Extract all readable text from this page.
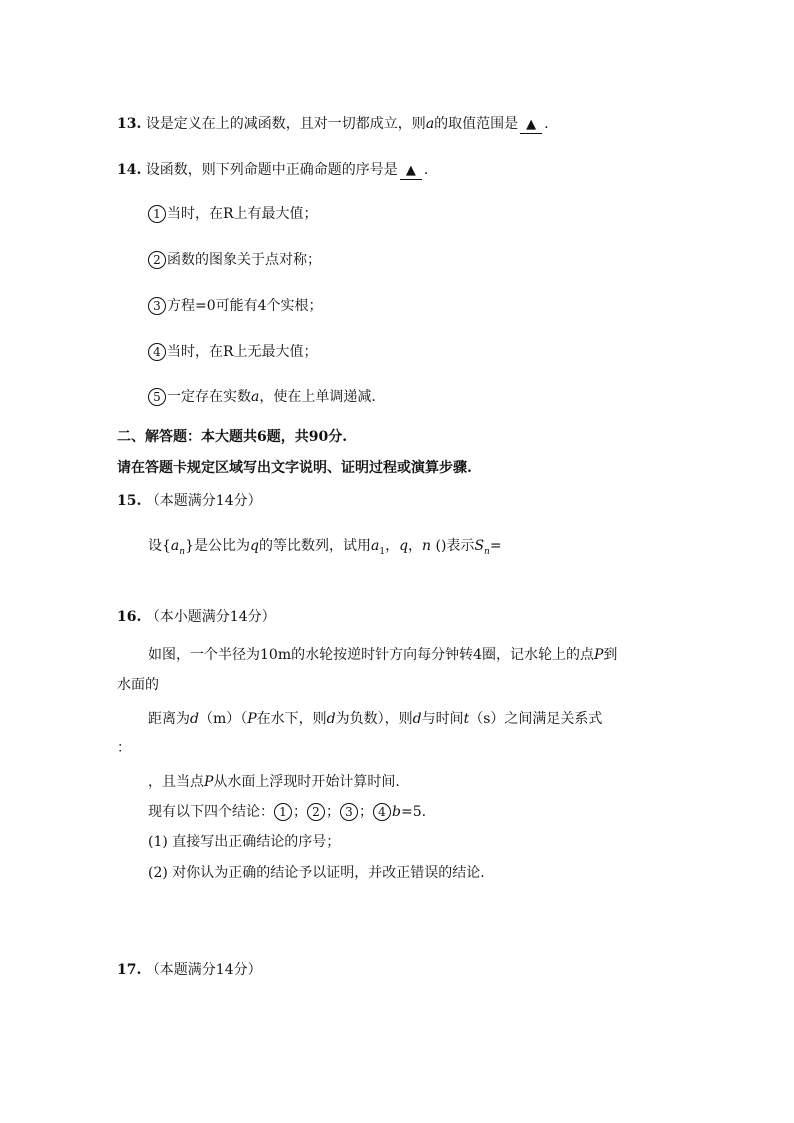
13. 设是定义在上的减函数，且对一切都成立，则a的取值范围是 ▲ .
14. 设函数，则下列命题中正确命题的序号是 ▲ .
1 当时，在R上有最大值；
2 函数的图象关于点对称；
3 方程=0可能有4个实根；
4 当时，在R上无最大值；
5 一定存在实数a，使在上单调递减.
二、解答题：本大题共6题，共90分.
请在答题卡规定区域写出文字说明、证明过程或演算步骤.
15. （本题满分14分）
设$\{a_n\}$是公比为q的等比数列，试用$a_1$，q，n ()表示$S_n=$
16. （本小题满分14分）
如图，一个半径为10m的水轮按逆时针方向每分钟转4圈，记水轮上的点P到
水面的
距离为d（m）（P在水下，则d为负数），则d与时间t（s）之间满足关系式
：
，且当点P从水面上浮现时开始计算时间.
现有以下四个结论： 1 ； 2 ； 3 ； 4 b=5.
(1) 直接写出正确结论的序号；
(2) 对你认为正确的结论予以证明，并改正错误的结论.
17. （本题满分14分）
